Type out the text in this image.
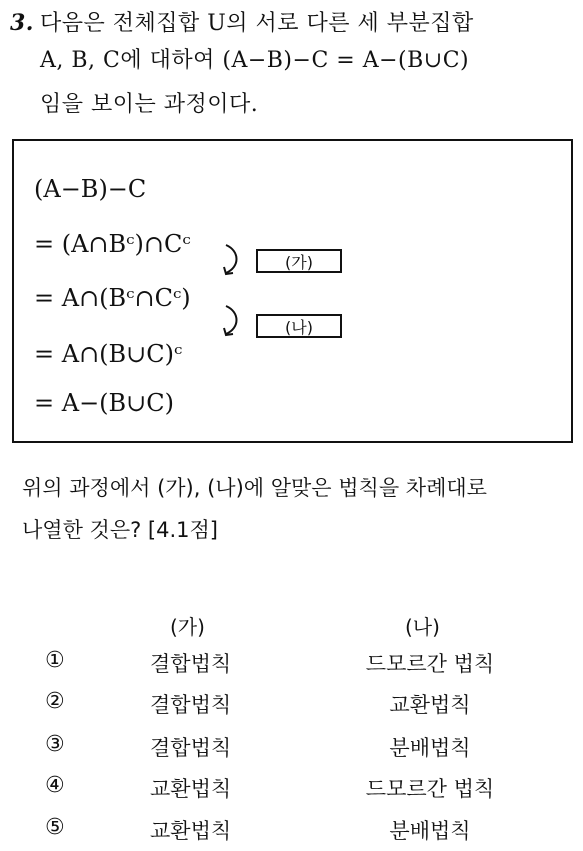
3. 다음은 전체집합 U의 서로 다른 세 부분집합
A, B, C에 대하여 (A−B)−C = A−(B∪C)
임을 보이는 과정이다.
(A−B)−C
= (A∩Bᶜ)∩Cᶜ
= A∩(Bᶜ∩Cᶜ)
= A∩(B∪C)ᶜ
= A−(B∪C)
(가)
(나)
위의 과정에서 (가), (나)에 알맞은 법칙을 차례대로
나열한 것은? [4.1점]
(가)	(나)
①	결합법칙	드모르간 법칙
②	결합법칙	교환법칙
③	결합법칙	분배법칙
④	교환법칙	드모르간 법칙
⑤	교환법칙	분배법칙
